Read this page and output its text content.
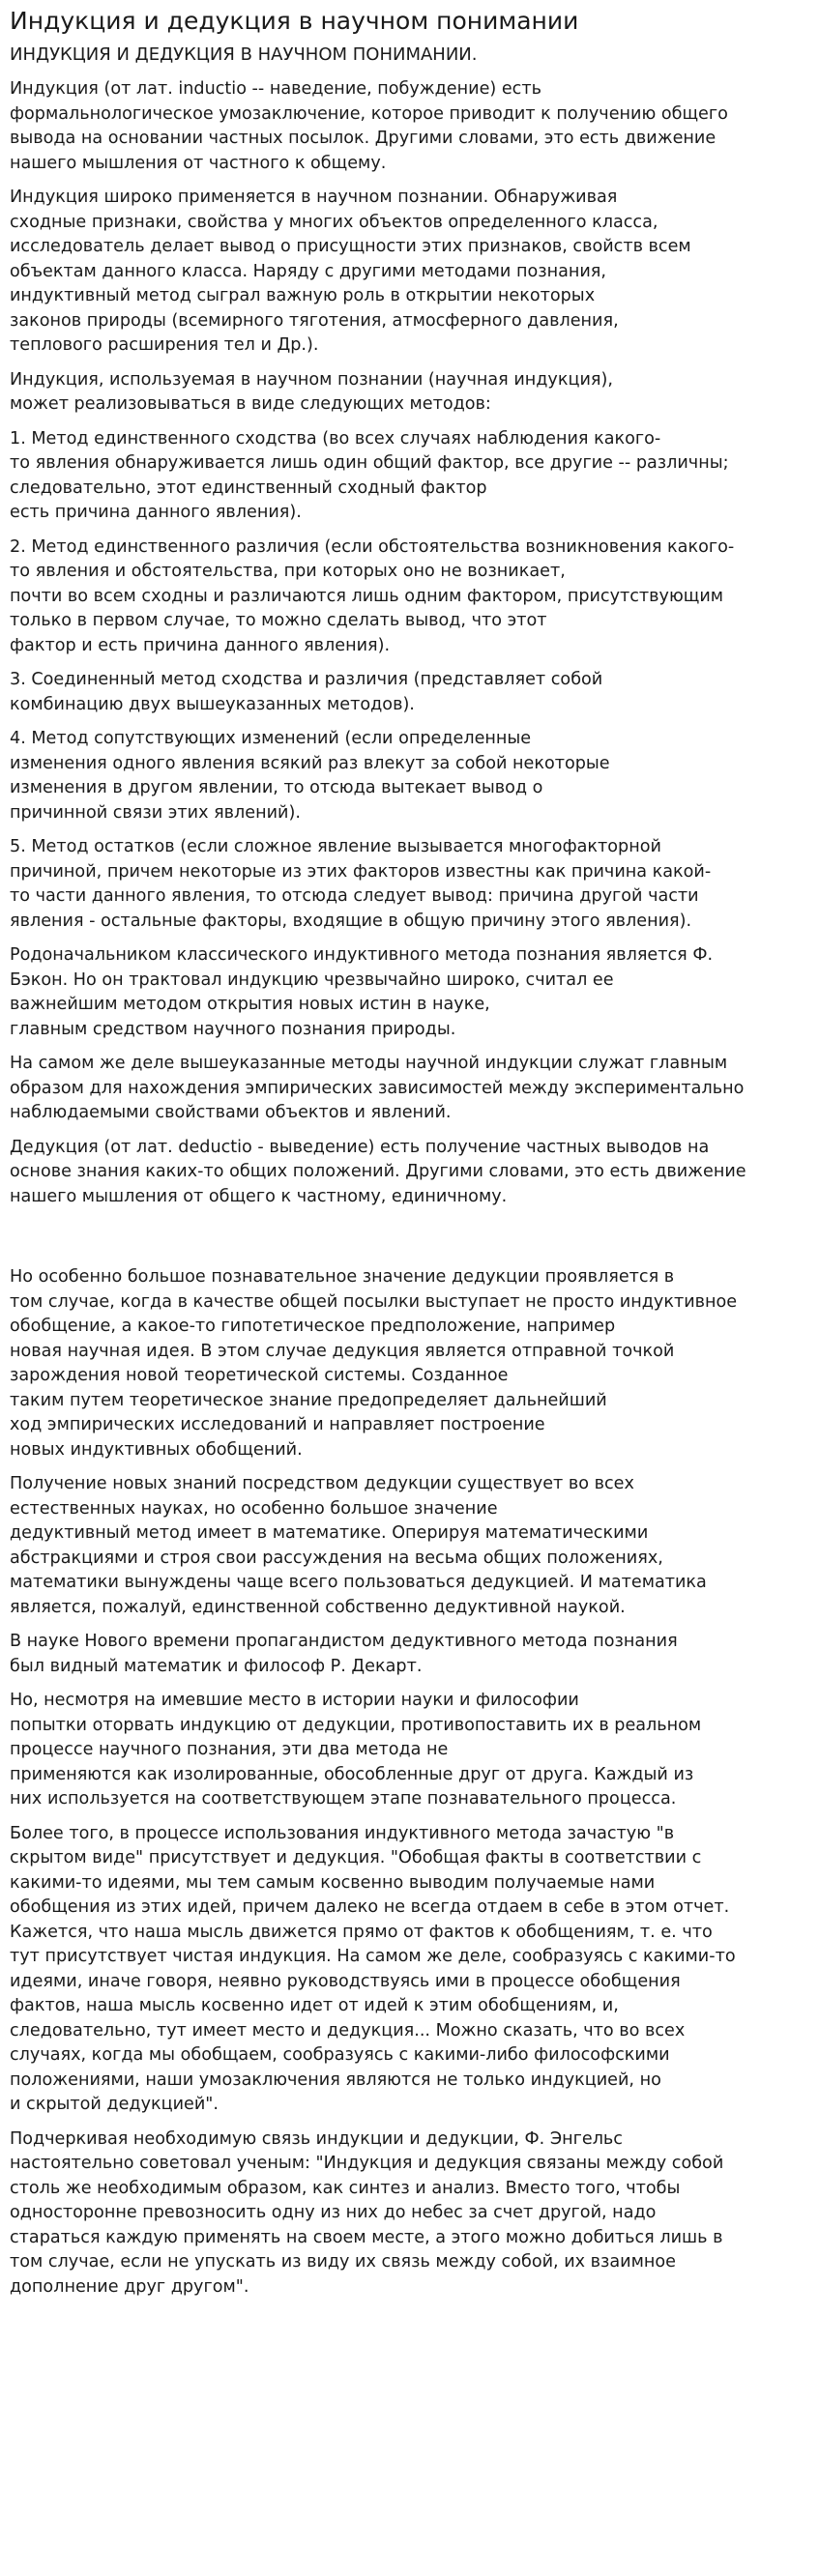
Индукция и дедукция в научном понимании
ИНДУКЦИЯ И ДЕДУКЦИЯ В НАУЧНОМ ПОНИМАНИИ.

Индукция (от лат. inductio -- наведение, побуждение) есть
формальнологическое умозаключение, которое приводит к получению общего
вывода на основании частных посылок. Другими словами, это есть движение
нашего мышления от частного к общему.

Индукция широко применяется в научном познании. Обнаруживая
сходные признаки, свойства у многих объектов определенного класса,
исследователь делает вывод о присущности этих признаков, свойств всем
объектам данного класса. Наряду с другими методами познания,
индуктивный метод сыграл важную роль в открытии некоторых
законов природы (всемирного тяготения, атмосферного давления,
теплового расширения тел и Др.).

Индукция, используемая в научном познании (научная индукция),
может реализовываться в виде следующих методов:

1. Метод единственного сходства (во всех случаях наблюдения какого-
то явления обнаруживается лишь один общий фактор, все другие -- различны;
следовательно, этот единственный сходный фактор
есть причина данного явления).

2. Метод единственного различия (если обстоятельства возникновения какого-
то явления и обстоятельства, при которых оно не возникает,
почти во всем сходны и различаются лишь одним фактором, присутствующим
только в первом случае, то можно сделать вывод, что этот
фактор и есть причина данного явления).

3. Соединенный метод сходства и различия (представляет собой
комбинацию двух вышеуказанных методов).

4. Метод сопутствующих изменений (если определенные
изменения одного явления всякий раз влекут за собой некоторые
изменения в другом явлении, то отсюда вытекает вывод о
причинной связи этих явлений).

5. Метод остатков (если сложное явление вызывается многофакторной
причиной, причем некоторые из этих факторов известны как причина какой-
то части данного явления, то отсюда следует вывод: причина другой части
явления - остальные факторы, входящие в общую причину этого явления).

Родоначальником классического индуктивного метода познания является Ф.
Бэкон. Но он трактовал индукцию чрезвычайно широко, считал ее
важнейшим методом открытия новых истин в науке,
главным средством научного познания природы.

На самом же деле вышеуказанные методы научной индукции служат главным
образом для нахождения эмпирических зависимостей между экспериментально
наблюдаемыми свойствами объектов и явлений.

Дедукция (от лат. deductio - выведение) есть получение частных выводов на
основе знания каких-то общих положений. Другими словами, это есть движение
нашего мышления от общего к частному, единичному.

Но особенно большое познавательное значение дедукции проявляется в
том случае, когда в качестве общей посылки выступает не просто индуктивное
обобщение, а какое-то гипотетическое предположение, например
новая научная идея. В этом случае дедукция является отправной точкой
зарождения новой теоретической системы. Созданное
таким путем теоретическое знание предопределяет дальнейший
ход эмпирических исследований и направляет построение
новых индуктивных обобщений.

Получение новых знаний посредством дедукции существует во всех
естественных науках, но особенно большое значение
дедуктивный метод имеет в математике. Оперируя математическими
абстракциями и строя свои рассуждения на весьма общих положениях,
математики вынуждены чаще всего пользоваться дедукцией. И математика
является, пожалуй, единственной собственно дедуктивной наукой.

В науке Нового времени пропагандистом дедуктивного метода познания
был видный математик и философ Р. Декарт.

Но, несмотря на имевшие место в истории науки и философии
попытки оторвать индукцию от дедукции, противопоставить их в реальном
процессе научного познания, эти два метода не
применяются как изолированные, обособленные друг от друга. Каждый из
них используется на соответствующем этапе познавательного процесса.

Более того, в процессе использования индуктивного метода зачастую "в
скрытом виде" присутствует и дедукция. "Обобщая факты в соответствии с
какими-то идеями, мы тем самым косвенно выводим получаемые нами
обобщения из этих идей, причем далеко не всегда отдаем в себе в этом отчет.
Кажется, что наша мысль движется прямо от фактов к обобщениям, т. е. что
тут присутствует чистая индукция. На самом же деле, сообразуясь с какими-то
идеями, иначе говоря, неявно руководствуясь ими в процессе обобщения
фактов, наша мысль косвенно идет от идей к этим обобщениям, и,
следовательно, тут имеет место и дедукция... Можно сказать, что во всех
случаях, когда мы обобщаем, сообразуясь с какими-либо философскими
положениями, наши умозаключения являются не только индукцией, но
и скрытой дедукцией".

Подчеркивая необходимую связь индукции и дедукции, Ф. Энгельс
настоятельно советовал ученым: "Индукция и дедукция связаны между собой
столь же необходимым образом, как синтез и анализ. Вместо того, чтобы
односторонне превозносить одну из них до небес за счет другой, надо
стараться каждую применять на своем месте, а этого можно добиться лишь в
том случае, если не упускать из виду их связь между собой, их взаимное
дополнение друг другом".
